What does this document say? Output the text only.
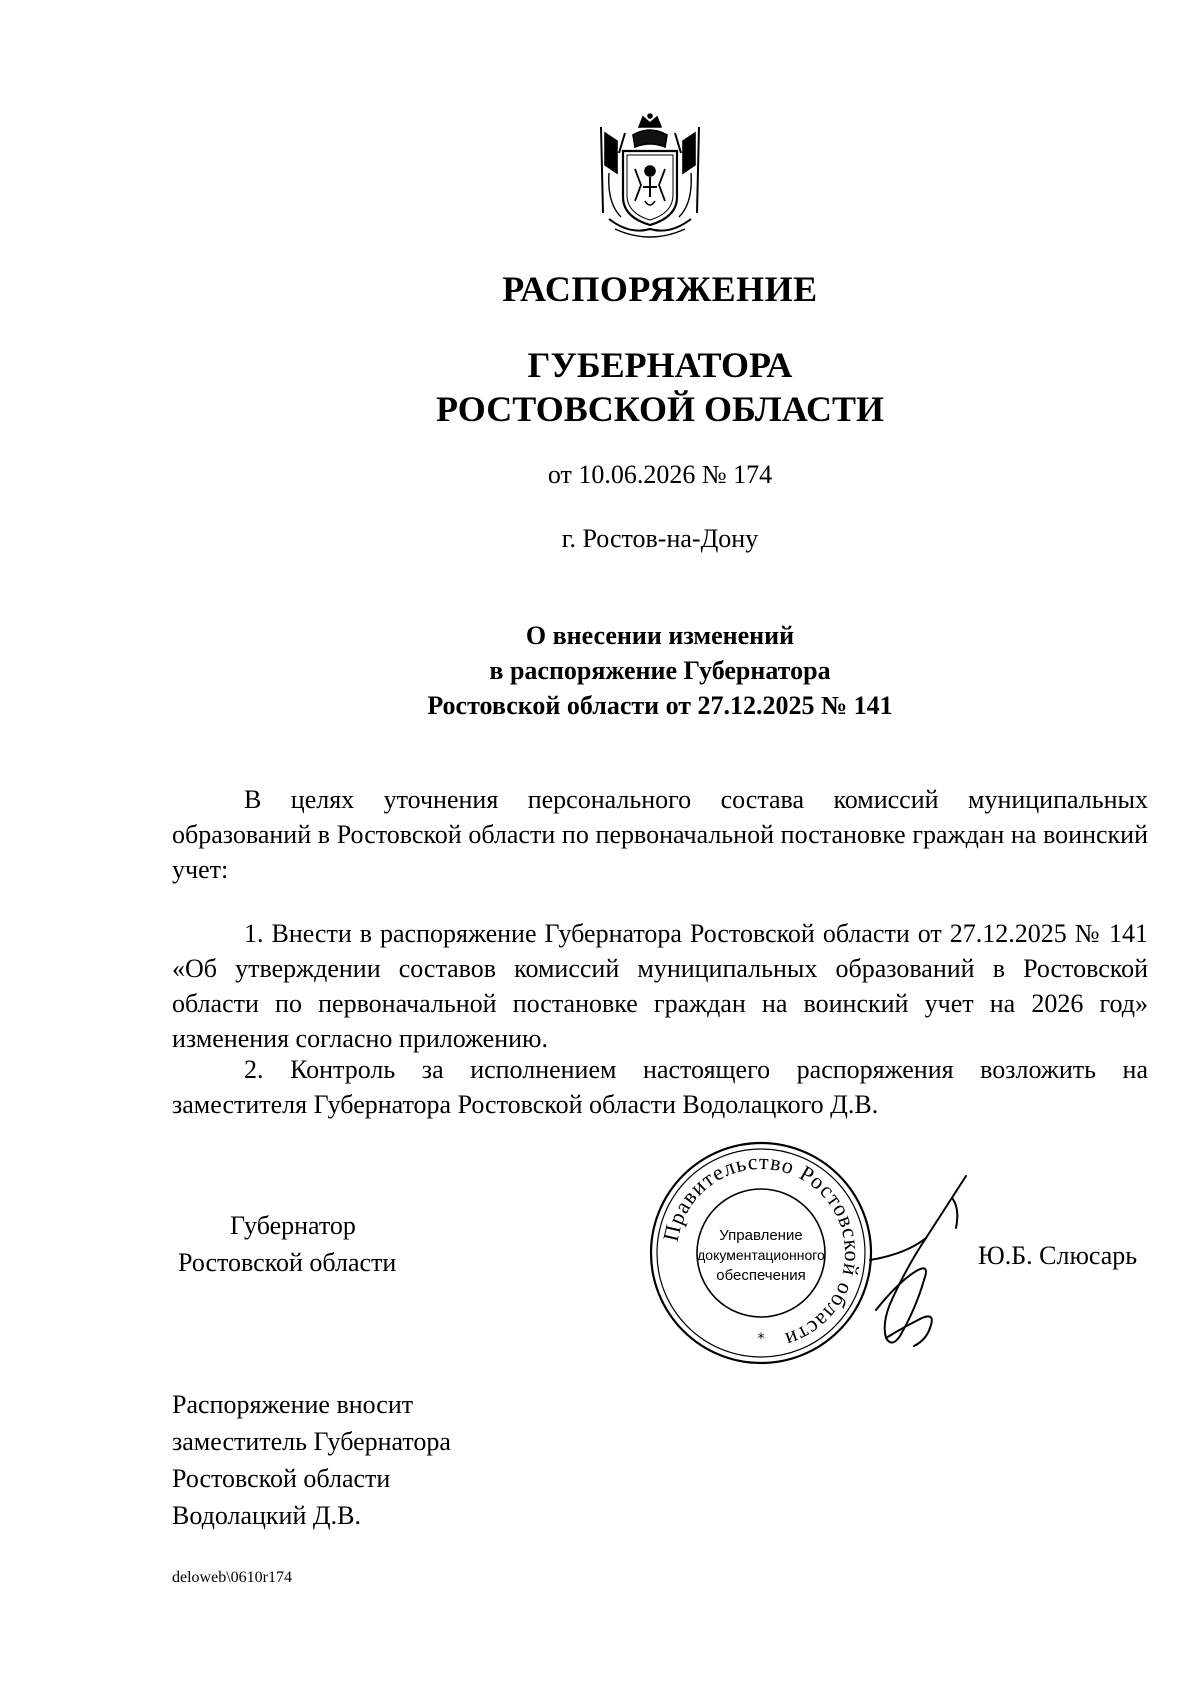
РАСПОРЯЖЕНИЕ
ГУБЕРНАТОРА
РОСТОВСКОЙ ОБЛАСТИ
от 10.06.2026 № 174
г. Ростов-на-Дону
О внесении изменений
в распоряжение Губернатора
Ростовской области от 27.12.2025 № 141

В целях уточнения персонального состава комиссий муниципальных образований в Ростовской области по первоначальной постановке граждан на воинский учет:

1. Внести в распоряжение Губернатора Ростовской области от 27.12.2025 № 141 «Об утверждении составов комиссий муниципальных образований в Ростовской области по первоначальной постановке граждан на воинский учет на 2026 год» изменения согласно приложению.

2. Контроль за исполнением настоящего распоряжения возложить на заместителя Губернатора Ростовской области Водолацкого Д.В.

Губернатор
Ростовской области
Правительство Ростовской области
Управление
документационного
обеспечения
*
Ю.Б. Слюсарь
Распоряжение вносит
заместитель Губернатора
Ростовской области
Водолацкий Д.В.
deloweb\0610r174
